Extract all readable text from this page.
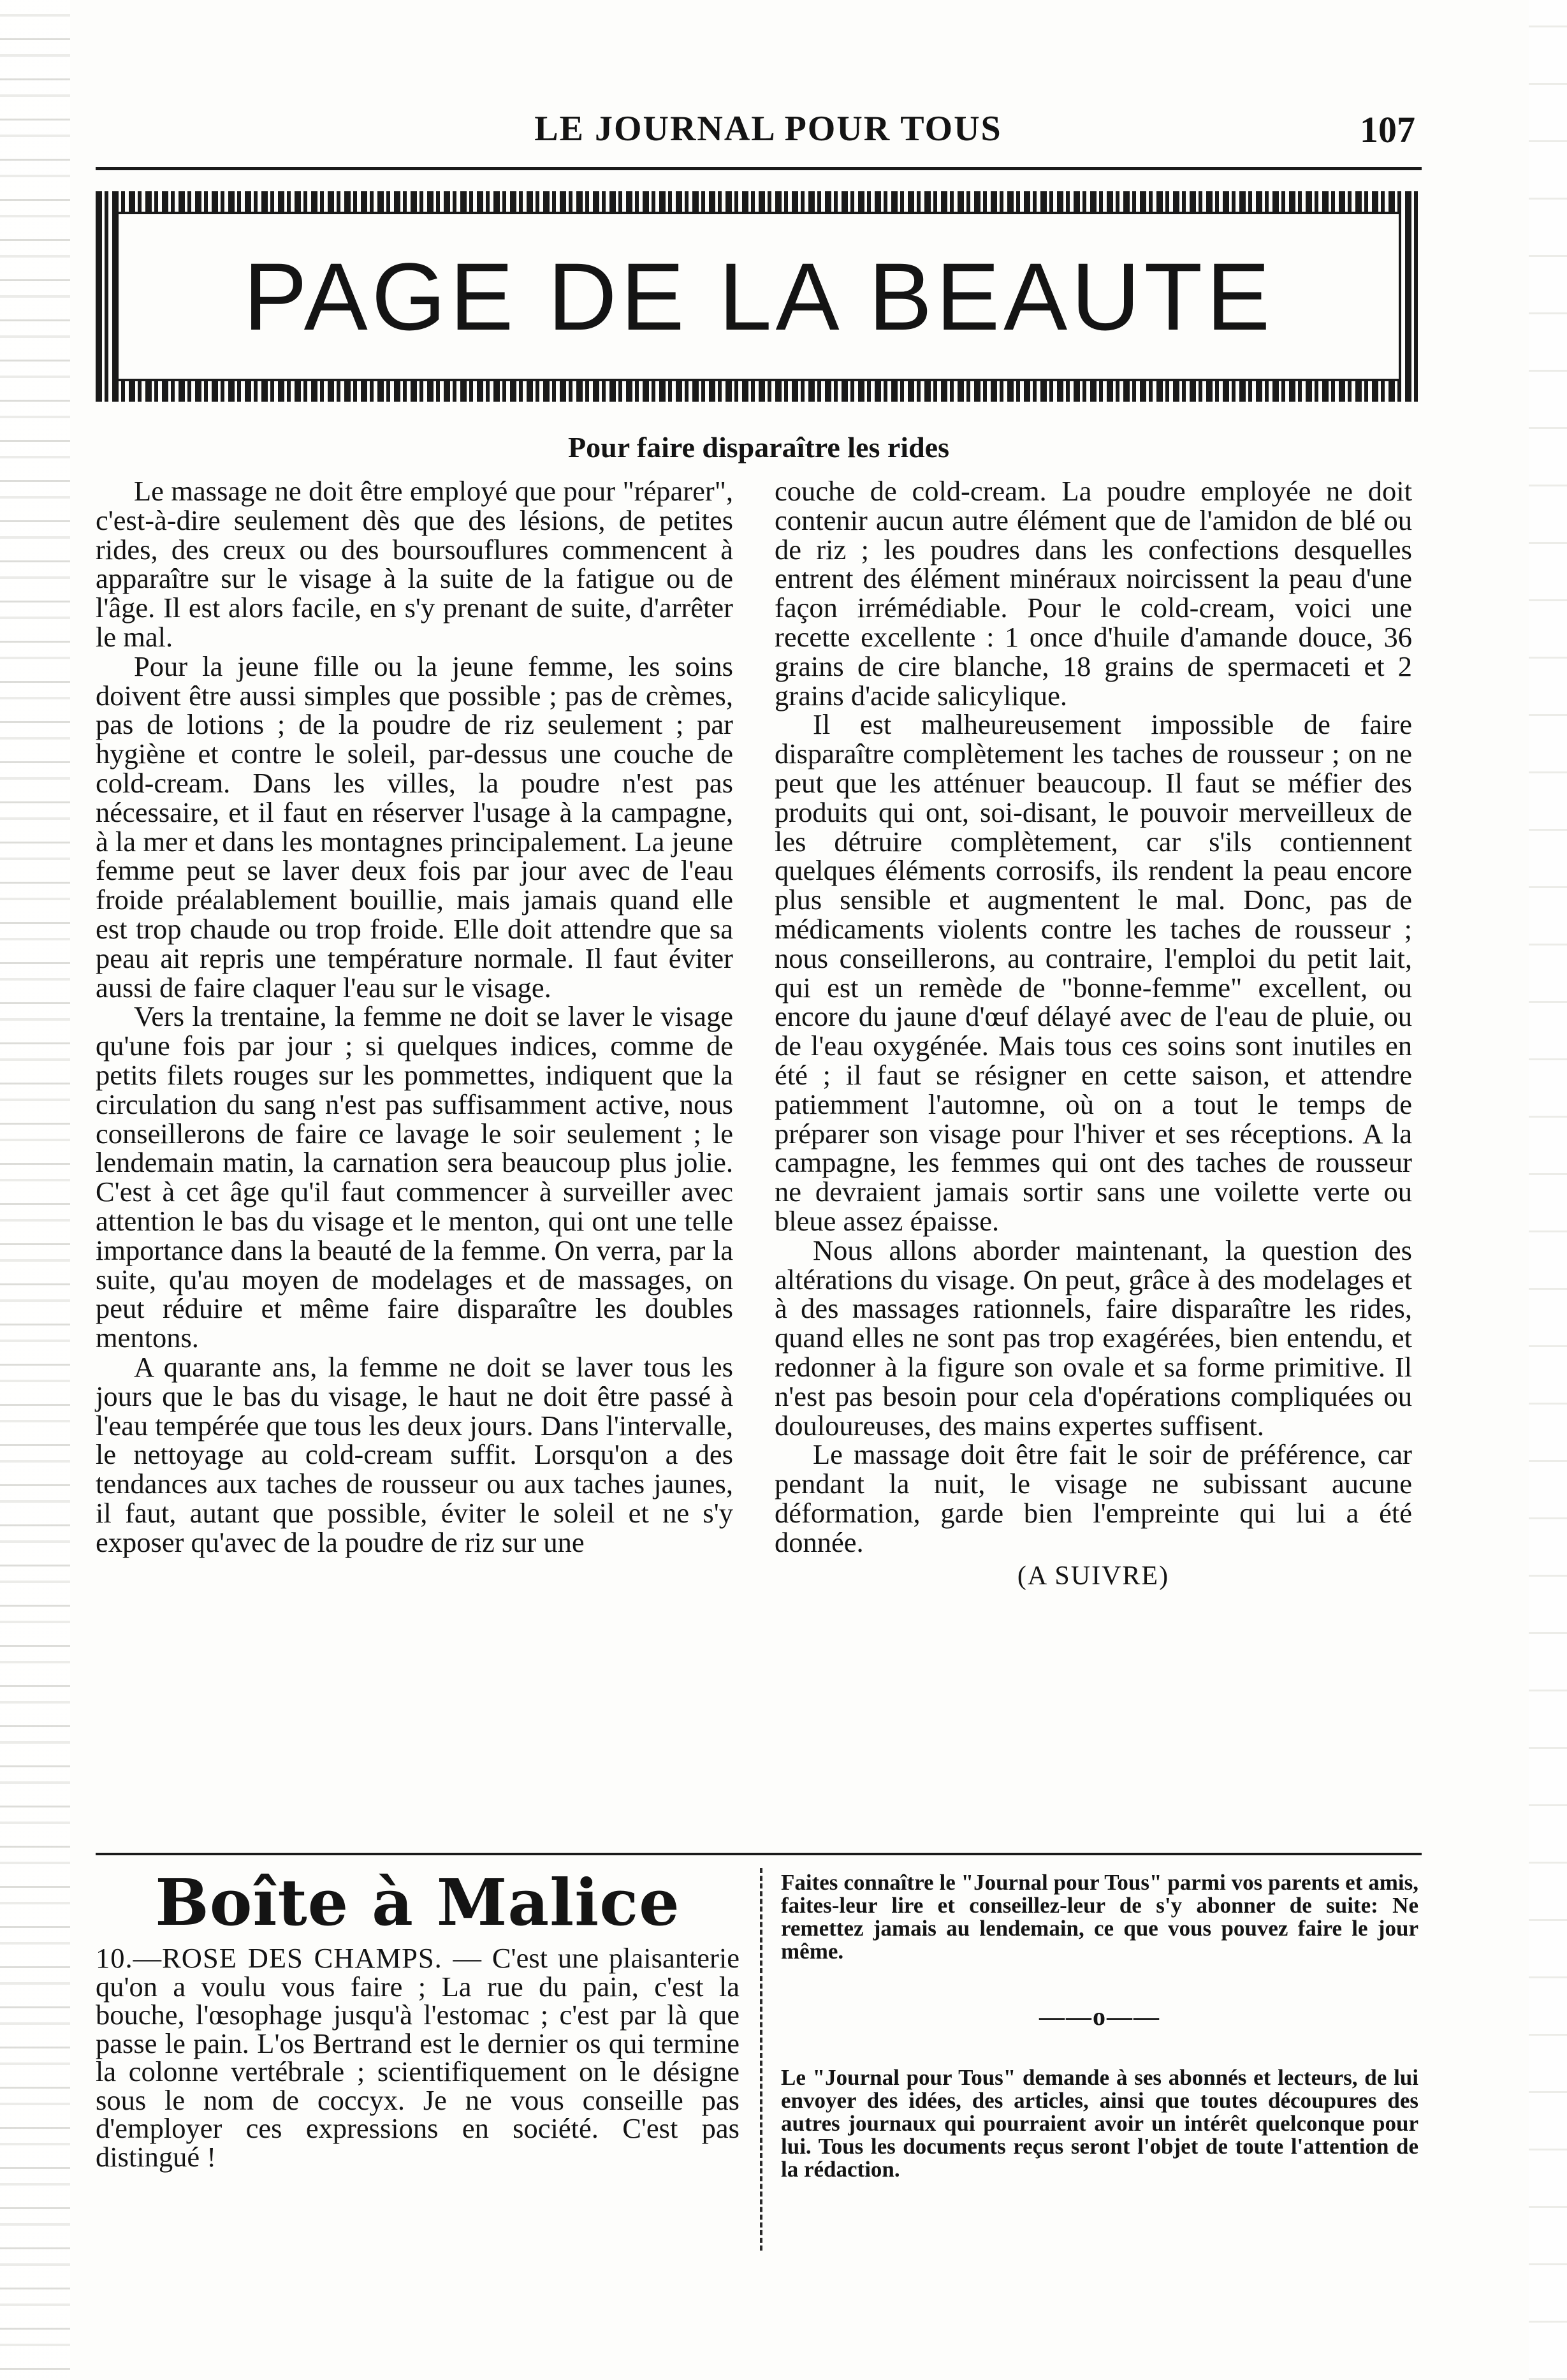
LE JOURNAL POUR TOUS	107
PAGE DE LA BEAUTE
Pour faire disparaître les rides

Le massage ne doit être employé que pour "réparer", c'est-à-dire seulement dès que des lésions, de petites rides, des creux ou des boursouflures commencent à apparaître sur le visage à la suite de la fatigue ou de l'âge. Il est alors facile, en s'y prenant de suite, d'arrêter le mal.

Pour la jeune fille ou la jeune femme, les soins doivent être aussi simples que possible ; pas de crèmes, pas de lotions ; de la poudre de riz seulement ; par hygiène et contre le soleil, par-dessus une couche de cold-cream. Dans les villes, la poudre n'est pas nécessaire, et il faut en réserver l'usage à la campagne, à la mer et dans les montagnes principalement. La jeune femme peut se laver deux fois par jour avec de l'eau froide préalablement bouillie, mais jamais quand elle est trop chaude ou trop froide. Elle doit attendre que sa peau ait repris une température normale. Il faut éviter aussi de faire claquer l'eau sur le visage.

Vers la trentaine, la femme ne doit se laver le visage qu'une fois par jour ; si quelques indices, comme de petits filets rouges sur les pommettes, indiquent que la circulation du sang n'est pas suffisamment active, nous conseillerons de faire ce lavage le soir seulement ; le lendemain matin, la carnation sera beaucoup plus jolie. C'est à cet âge qu'il faut commencer à surveiller avec attention le bas du visage et le menton, qui ont une telle importance dans la beauté de la femme. On verra, par la suite, qu'au moyen de modelages et de massages, on peut réduire et même faire disparaître les doubles mentons.

A quarante ans, la femme ne doit se laver tous les jours que le bas du visage, le haut ne doit être passé à l'eau tempérée que tous les deux jours. Dans l'intervalle, le nettoyage au cold-cream suffit. Lorsqu'on a des tendances aux taches de rousseur ou aux taches jaunes, il faut, autant que possible, éviter le soleil et ne s'y exposer qu'avec de la poudre de riz sur une

couche de cold-cream. La poudre employée ne doit contenir aucun autre élément que de l'amidon de blé ou de riz ; les poudres dans les confections desquelles entrent des élément minéraux noircissent la peau d'une façon irrémédiable. Pour le cold-cream, voici une recette excellente : 1 once d'huile d'amande douce, 36 grains de cire blanche, 18 grains de spermaceti et 2 grains d'acide salicylique.

Il est malheureusement impossible de faire disparaître complètement les taches de rousseur ; on ne peut que les atténuer beaucoup. Il faut se méfier des produits qui ont, soi-disant, le pouvoir merveilleux de les détruire complètement, car s'ils contiennent quelques éléments corrosifs, ils rendent la peau encore plus sensible et augmentent le mal. Donc, pas de médicaments violents contre les taches de rousseur ; nous conseillerons, au contraire, l'emploi du petit lait, qui est un remède de "bonne-femme" excellent, ou encore du jaune d'œuf délayé avec de l'eau de pluie, ou de l'eau oxygénée. Mais tous ces soins sont inutiles en été ; il faut se résigner en cette saison, et attendre patiemment l'automne, où on a tout le temps de préparer son visage pour l'hiver et ses réceptions. A la campagne, les femmes qui ont des taches de rousseur ne devraient jamais sortir sans une voilette verte ou bleue assez épaisse.

Nous allons aborder maintenant, la question des altérations du visage. On peut, grâce à des modelages et à des massages rationnels, faire disparaître les rides, quand elles ne sont pas trop exagérées, bien entendu, et redonner à la figure son ovale et sa forme primitive. Il n'est pas besoin pour cela d'opérations compliquées ou douloureuses, des mains expertes suffisent.

Le massage doit être fait le soir de préférence, car pendant la nuit, le visage ne subissant aucune déformation, garde bien l'empreinte qui lui a été donnée.

(A SUIVRE)
Boîte à Malice

10.—ROSE DES CHAMPS. — C'est une plaisanterie qu'on a voulu vous faire ; La rue du pain, c'est la bouche, l'œsophage jusqu'à l'estomac ; c'est par là que passe le pain. L'os Bertrand est le dernier os qui termine la colonne vertébrale ; scientifiquement on le désigne sous le nom de coccyx. Je ne vous conseille pas d'employer ces expressions en société. C'est pas distingué !

Faites connaître le "Journal pour Tous" parmi vos parents et amis, faites-leur lire et conseillez-leur de s'y abonner de suite: Ne remettez jamais au lendemain, ce que vous pouvez faire le jour même.

——o——

Le "Journal pour Tous" demande à ses abonnés et lecteurs, de lui envoyer des idées, des articles, ainsi que toutes découpures des autres journaux qui pourraient avoir un intérêt quelconque pour lui. Tous les documents reçus seront l'objet de toute l'attention de la rédaction.
